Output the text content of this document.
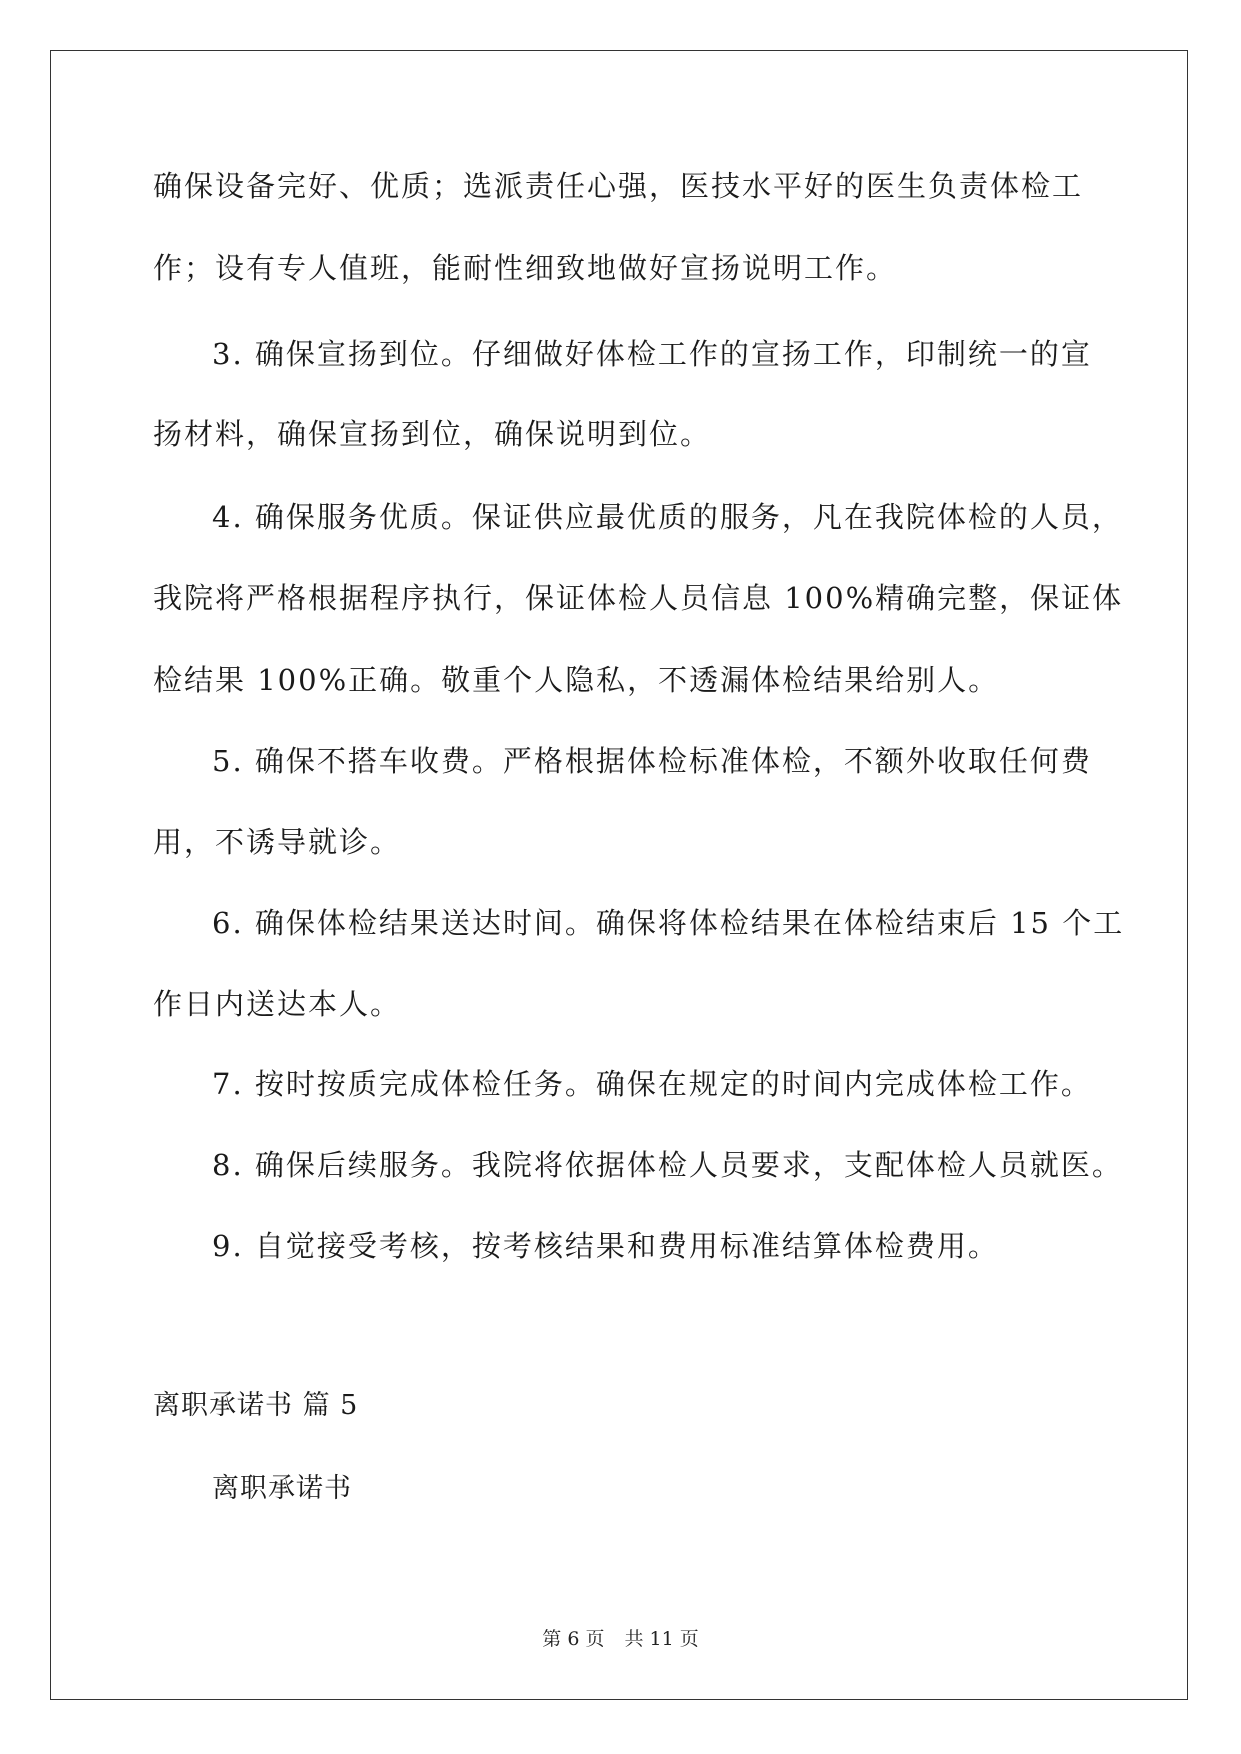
确保设备完好、优质；选派责任心强，医技水平好的医生负责体检工
作；设有专人值班，能耐性细致地做好宣扬说明工作。
3. 确保宣扬到位。仔细做好体检工作的宣扬工作，印制统一的宣
扬材料，确保宣扬到位，确保说明到位。
4. 确保服务优质。保证供应最优质的服务，凡在我院体检的人员，
我院将严格根据程序执行，保证体检人员信息 100%精确完整，保证体
检结果 100%正确。敬重个人隐私，不透漏体检结果给别人。
5. 确保不搭车收费。严格根据体检标准体检，不额外收取任何费
用，不诱导就诊。
6. 确保体检结果送达时间。确保将体检结果在体检结束后 15 个工
作日内送达本人。
7. 按时按质完成体检任务。确保在规定的时间内完成体检工作。
8. 确保后续服务。我院将依据体检人员要求，支配体检人员就医。
9. 自觉接受考核，按考核结果和费用标准结算体检费用。
离职承诺书 篇 5
离职承诺书
第 6 页 共 11 页
